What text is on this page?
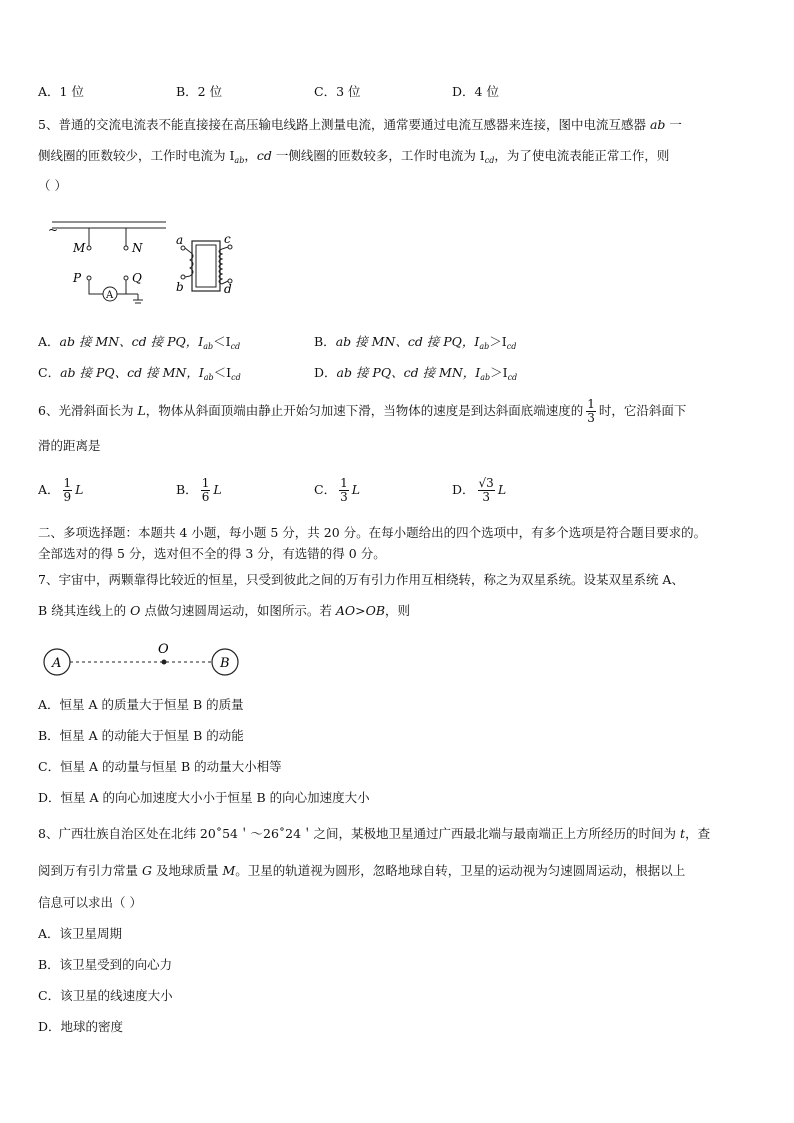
A．1 位	B．2 位	C．3 位	D．4 位
5、普通的交流电流表不能直接接在高压输电线路上测量电流，通常要通过电流互感器来连接，图中电流互感器 ab 一
侧线圈的匝数较少，工作时电流为 $I_{ab}$，cd 一侧线圈的匝数较多，工作时电流为 $I_{cd}$，为了使电流表能正常工作，则
（ ）
~
M	N
P	Q
A
a
b
c
d
A．ab 接 MN、cd 接 PQ，$I_{ab}<I_{cd}$	B．ab 接 MN、cd 接 PQ，$I_{ab}>I_{cd}$
C．ab 接 PQ、cd 接 MN，$I_{ab}<I_{cd}$	D．ab 接 PQ、cd 接 MN，$I_{ab}>I_{cd}$
6、光滑斜面长为 L，物体从斜面顶端由静止开始匀加速下滑，当物体的速度是到达斜面底端速度的 $\frac{1}{3}$ 时，它沿斜面下
滑的距离是
A． $\frac{1}{9}$ L	B． $\frac{1}{6}$ L	C． $\frac{1}{3}$ L	D． $\frac{√3}{3}$ L
二、多项选择题：本题共 4 小题，每小题 5 分，共 20 分。在每小题给出的四个选项中，有多个选项是符合题目要求的。
全部选对的得 5 分，选对但不全的得 3 分，有选错的得 0 分。
7、宇宙中，两颗靠得比较近的恒星，只受到彼此之间的万有引力作用互相绕转，称之为双星系统。设某双星系统 A、
B 绕其连线上的 O 点做匀速圆周运动，如图所示。若 AO>OB，则
A
O
B
A．恒星 A 的质量大于恒星 B 的质量
B．恒星 A 的动能大于恒星 B 的动能
C．恒星 A 的动量与恒星 B 的动量大小相等
D．恒星 A 的向心加速度大小小于恒星 B 的向心加速度大小
8、广西壮族自治区处在北纬 20˚54＇～26˚24＇之间，某极地卫星通过广西最北端与最南端正上方所经历的时间为 t，查
阅到万有引力常量 G 及地球质量 M。卫星的轨道视为圆形，忽略地球自转，卫星的运动视为匀速圆周运动，根据以上
信息可以求出（ ）
A．该卫星周期
B．该卫星受到的向心力
C．该卫星的线速度大小
D．地球的密度
